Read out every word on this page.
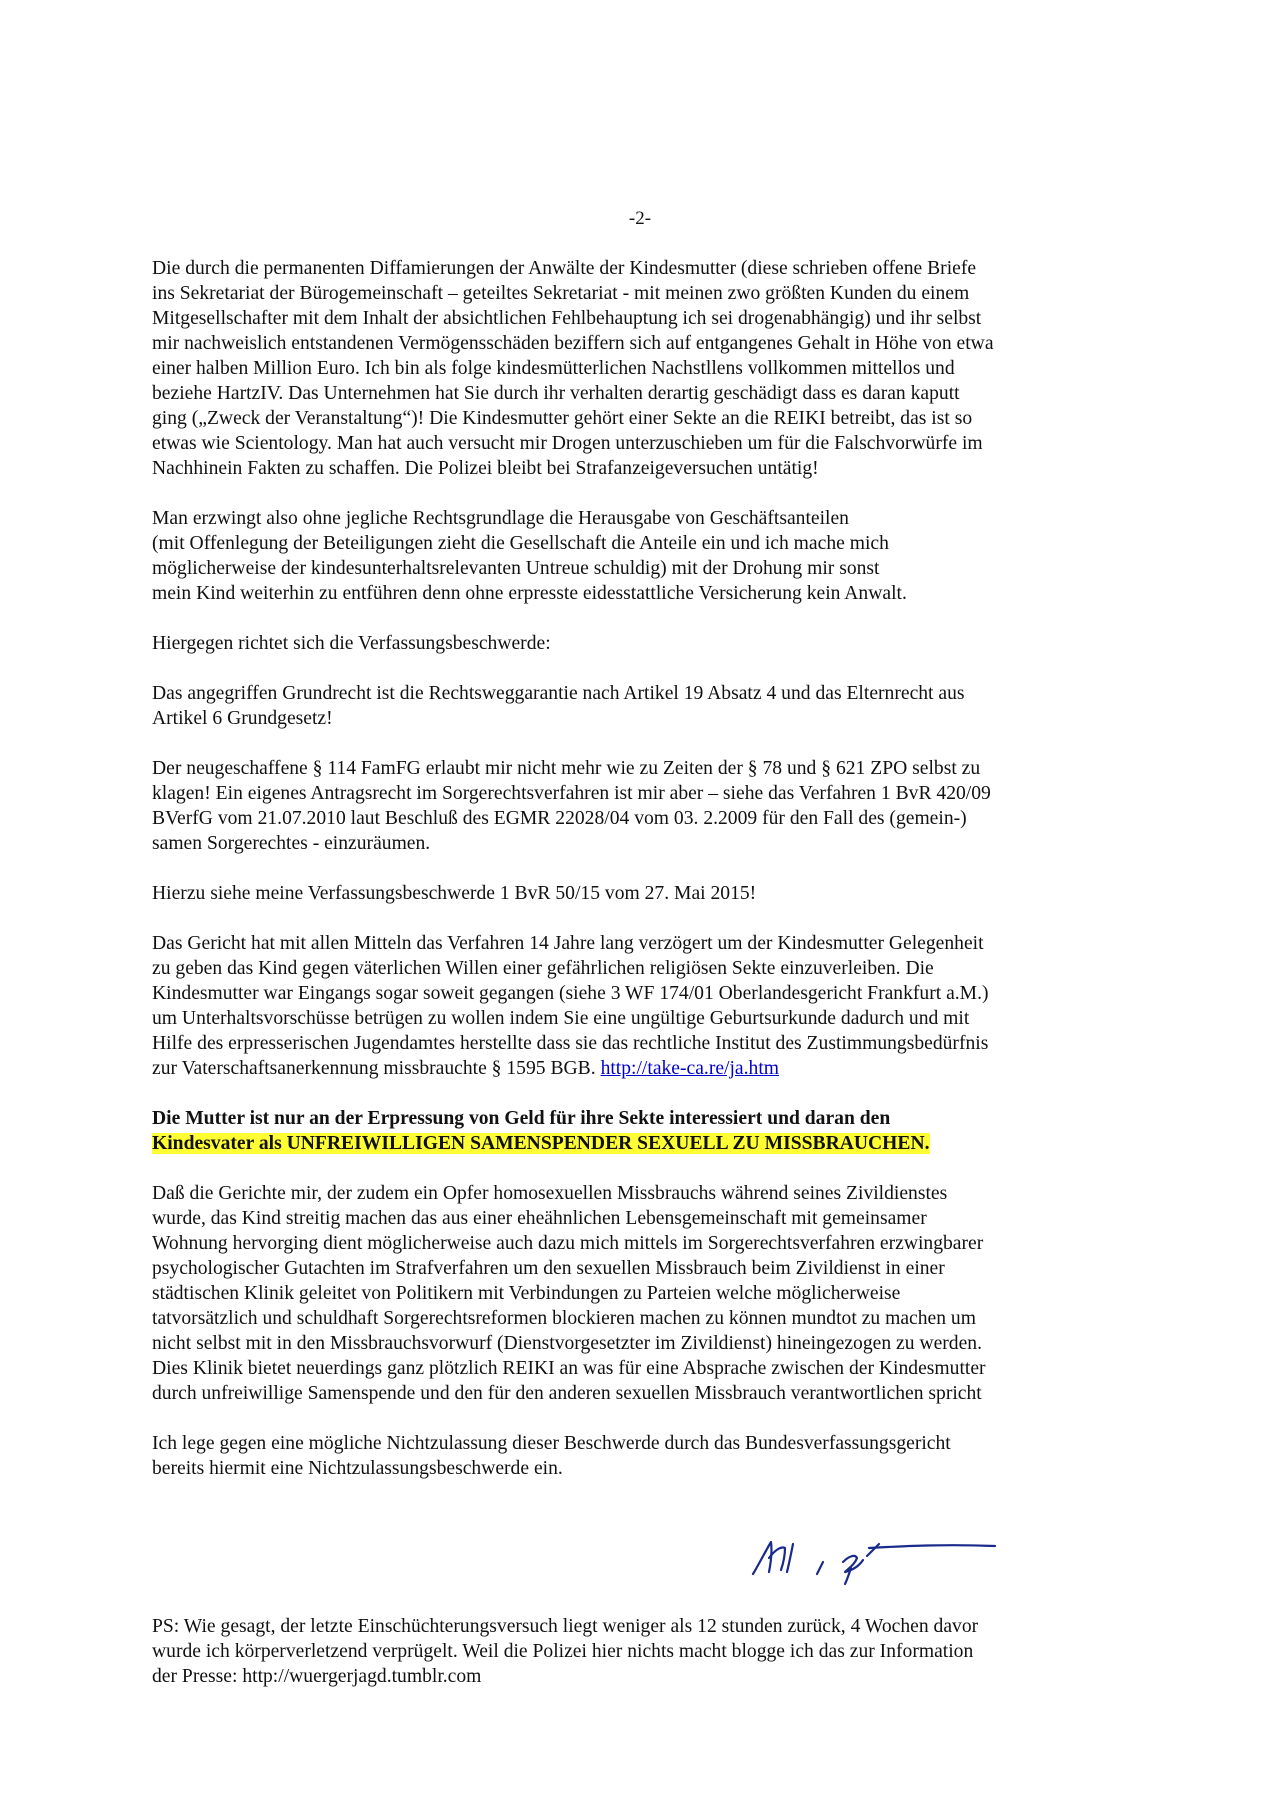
-2-

Die durch die permanenten Diffamierungen der Anwälte der Kindesmutter (diese schrieben offene Briefe
ins Sekretariat der Bürogemeinschaft – geteiltes Sekretariat - mit meinen zwo größten Kunden du einem
Mitgesellschafter mit dem Inhalt der absichtlichen Fehlbehauptung ich sei drogenabhängig) und ihr selbst
mir nachweislich entstandenen Vermögensschäden beziffern sich auf entgangenes Gehalt in Höhe von etwa
einer halben Million Euro. Ich bin als folge kindesmütterlichen Nachstllens vollkommen mittellos und
beziehe HartzIV. Das Unternehmen hat Sie durch ihr verhalten derartig geschädigt dass es daran kaputt
ging („Zweck der Veranstaltung“)! Die Kindesmutter gehört einer Sekte an die REIKI betreibt, das ist so
etwas wie Scientology. Man hat auch versucht mir Drogen unterzuschieben um für die Falschvorwürfe im
Nachhinein Fakten zu schaffen. Die Polizei bleibt bei Strafanzeigeversuchen untätig!

Man erzwingt also ohne jegliche Rechtsgrundlage die Herausgabe von Geschäftsanteilen
(mit Offenlegung der Beteiligungen zieht die Gesellschaft die Anteile ein und ich mache mich
möglicherweise der kindesunterhaltsrelevanten Untreue schuldig) mit der Drohung mir sonst
mein Kind weiterhin zu entführen denn ohne erpresste eidesstattliche Versicherung kein Anwalt.

Hiergegen richtet sich die Verfassungsbeschwerde:

Das angegriffen Grundrecht ist die Rechtsweggarantie nach Artikel 19 Absatz 4 und das Elternrecht aus
Artikel 6 Grundgesetz!

Der neugeschaffene § 114 FamFG erlaubt mir nicht mehr wie zu Zeiten der § 78 und § 621 ZPO selbst zu
klagen! Ein eigenes Antragsrecht im Sorgerechtsverfahren ist mir aber – siehe das Verfahren 1 BvR 420/09
BVerfG vom 21.07.2010 laut Beschluß des EGMR 22028/04 vom 03. 2.2009 für den Fall des (gemein-)
samen Sorgerechtes - einzuräumen.

Hierzu siehe meine Verfassungsbeschwerde 1 BvR 50/15 vom 27. Mai 2015!

Das Gericht hat mit allen Mitteln das Verfahren 14 Jahre lang verzögert um der Kindesmutter Gelegenheit
zu geben das Kind gegen väterlichen Willen einer gefährlichen religiösen Sekte einzuverleiben. Die
Kindesmutter war Eingangs sogar soweit gegangen (siehe 3 WF 174/01 Oberlandesgericht Frankfurt a.M.)
um Unterhaltsvorschüsse betrügen zu wollen indem Sie eine ungültige Geburtsurkunde dadurch und mit
Hilfe des erpresserischen Jugendamtes herstellte dass sie das rechtliche Institut des Zustimmungsbedürfnis
zur Vaterschaftsanerkennung missbrauchte § 1595 BGB. http://take-ca.re/ja.htm

Die Mutter ist nur an der Erpressung von Geld für ihre Sekte interessiert und daran den
Kindesvater als UNFREIWILLIGEN SAMENSPENDER SEXUELL ZU MISSBRAUCHEN.

Daß die Gerichte mir, der zudem ein Opfer homosexuellen Missbrauchs während seines Zivildienstes
wurde, das Kind streitig machen das aus einer eheähnlichen Lebensgemeinschaft mit gemeinsamer
Wohnung hervorging dient möglicherweise auch dazu mich mittels im Sorgerechtsverfahren erzwingbarer
psychologischer Gutachten im Strafverfahren um den sexuellen Missbrauch beim Zivildienst in einer
städtischen Klinik geleitet von Politikern mit Verbindungen zu Parteien welche möglicherweise
tatvorsätzlich und schuldhaft Sorgerechtsreformen blockieren machen zu können mundtot zu machen um
nicht selbst mit in den Missbrauchsvorwurf (Dienstvorgesetzter im Zivildienst) hineingezogen zu werden.
Dies Klinik bietet neuerdings ganz plötzlich REIKI an was für eine Absprache zwischen der Kindesmutter
durch unfreiwillige Samenspende und den für den anderen sexuellen Missbrauch verantwortlichen spricht

Ich lege gegen eine mögliche Nichtzulassung dieser Beschwerde durch das Bundesverfassungsgericht
bereits hiermit eine Nichtzulassungsbeschwerde ein.

PS: Wie gesagt, der letzte Einschüchterungsversuch liegt weniger als 12 stunden zurück, 4 Wochen davor
wurde ich körperverletzend verprügelt. Weil die Polizei hier nichts macht blogge ich das zur Information
der Presse: http://wuergerjagd.tumblr.com
